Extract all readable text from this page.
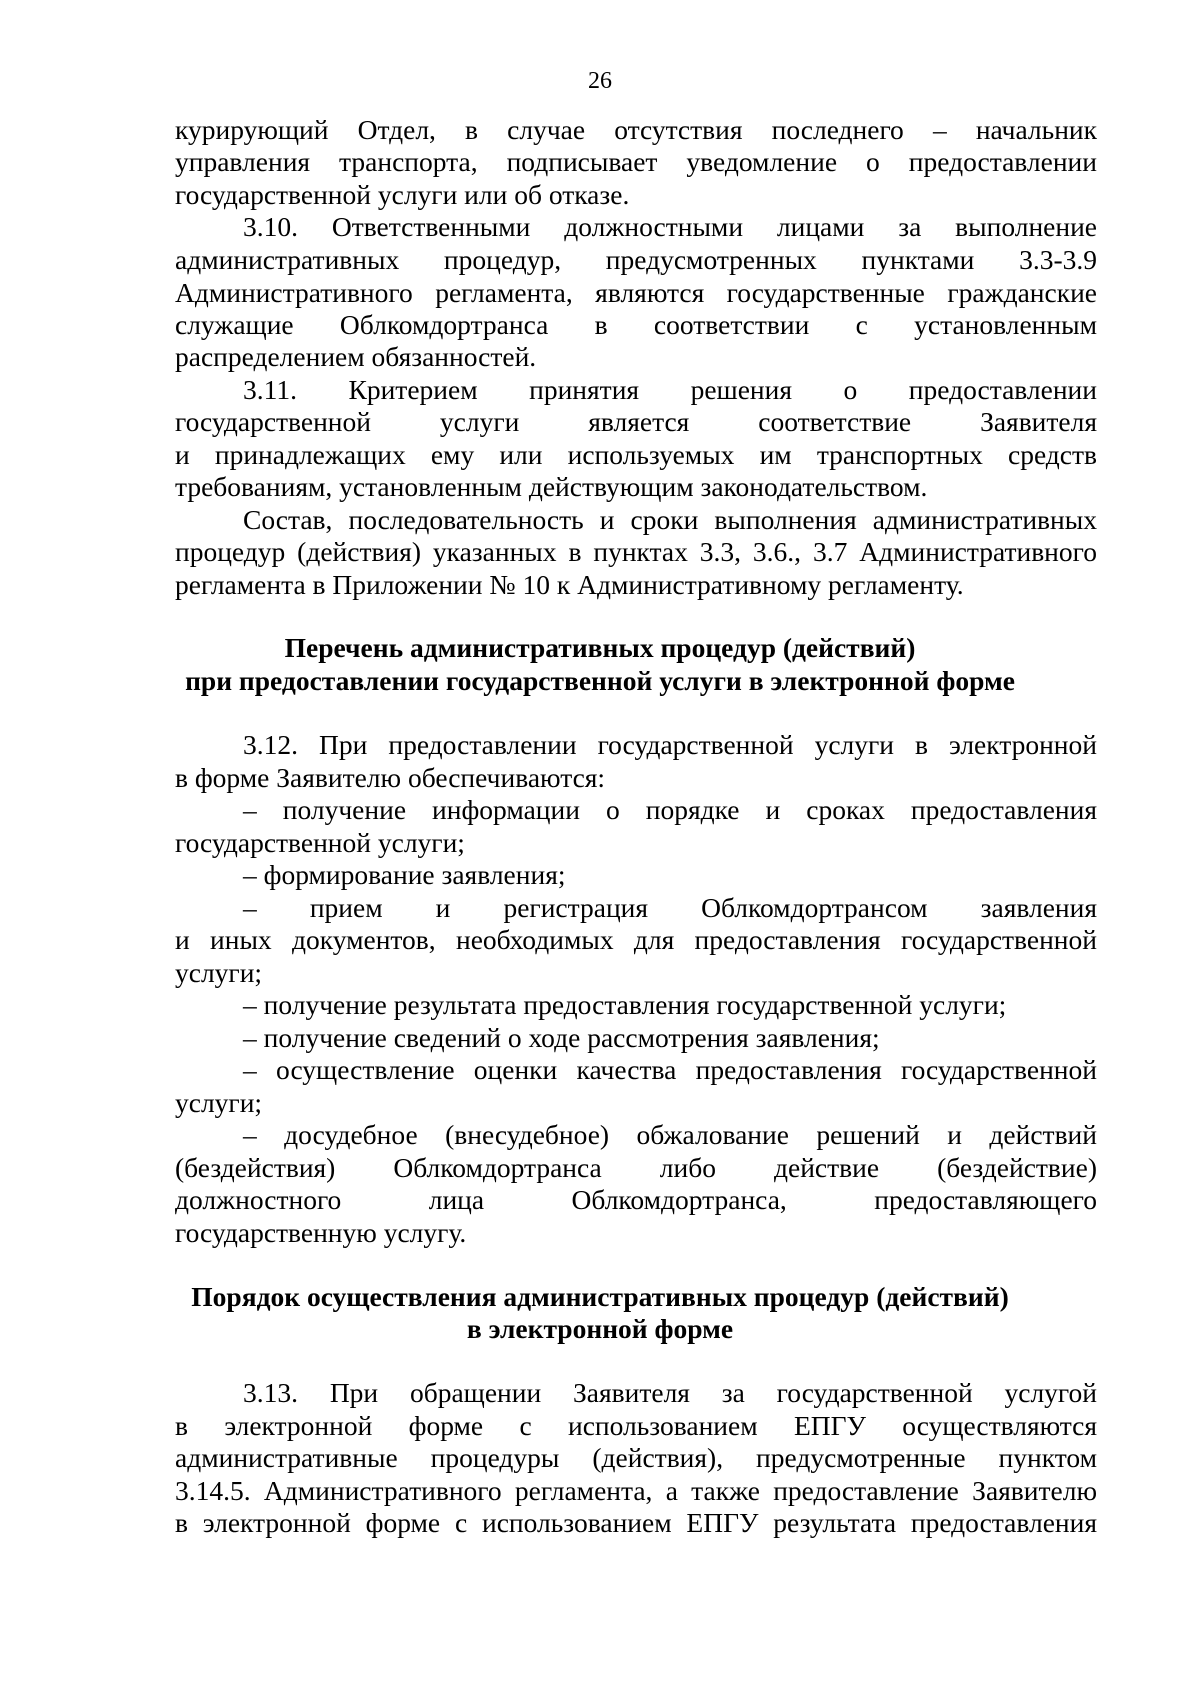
26
курирующий Отдел, в случае отсутствия последнего – начальник
управления транспорта, подписывает уведомление о предоставлении
государственной услуги или об отказе.
3.10. Ответственными должностными лицами за выполнение
административных процедур, предусмотренных пунктами 3.3-3.9
Административного регламента, являются государственные гражданские
служащие Облкомдортранса в соответствии с установленным
распределением обязанностей.
3.11. Критерием принятия решения о предоставлении
государственной услуги является соответствие Заявителя
и принадлежащих ему или используемых им транспортных средств
требованиям, установленным действующим законодательством.
Состав, последовательность и сроки выполнения административных
процедур (действия) указанных в пунктах 3.3, 3.6., 3.7 Административного
регламента в Приложении № 10 к Административному регламенту.
Перечень административных процедур (действий)
при предоставлении государственной услуги в электронной форме
3.12. При предоставлении государственной услуги в электронной
в форме Заявителю обеспечиваются:
– получение информации о порядке и сроках предоставления
государственной услуги;
– формирование заявления;
– прием и регистрация Облкомдортрансом заявления
и иных документов, необходимых для предоставления государственной
услуги;
– получение результата предоставления государственной услуги;
– получение сведений о ходе рассмотрения заявления;
– осуществление оценки качества предоставления государственной
услуги;
– досудебное (внесудебное) обжалование решений и действий
(бездействия) Облкомдортранса либо действие (бездействие)
должностного лица Облкомдортранса, предоставляющего
государственную услугу.
Порядок осуществления административных процедур (действий)
в электронной форме
3.13. При обращении Заявителя за государственной услугой
в электронной форме с использованием ЕПГУ осуществляются
административные процедуры (действия), предусмотренные пунктом
3.14.5. Административного регламента, а также предоставление Заявителю
в электронной форме с использованием ЕПГУ результата предоставления
